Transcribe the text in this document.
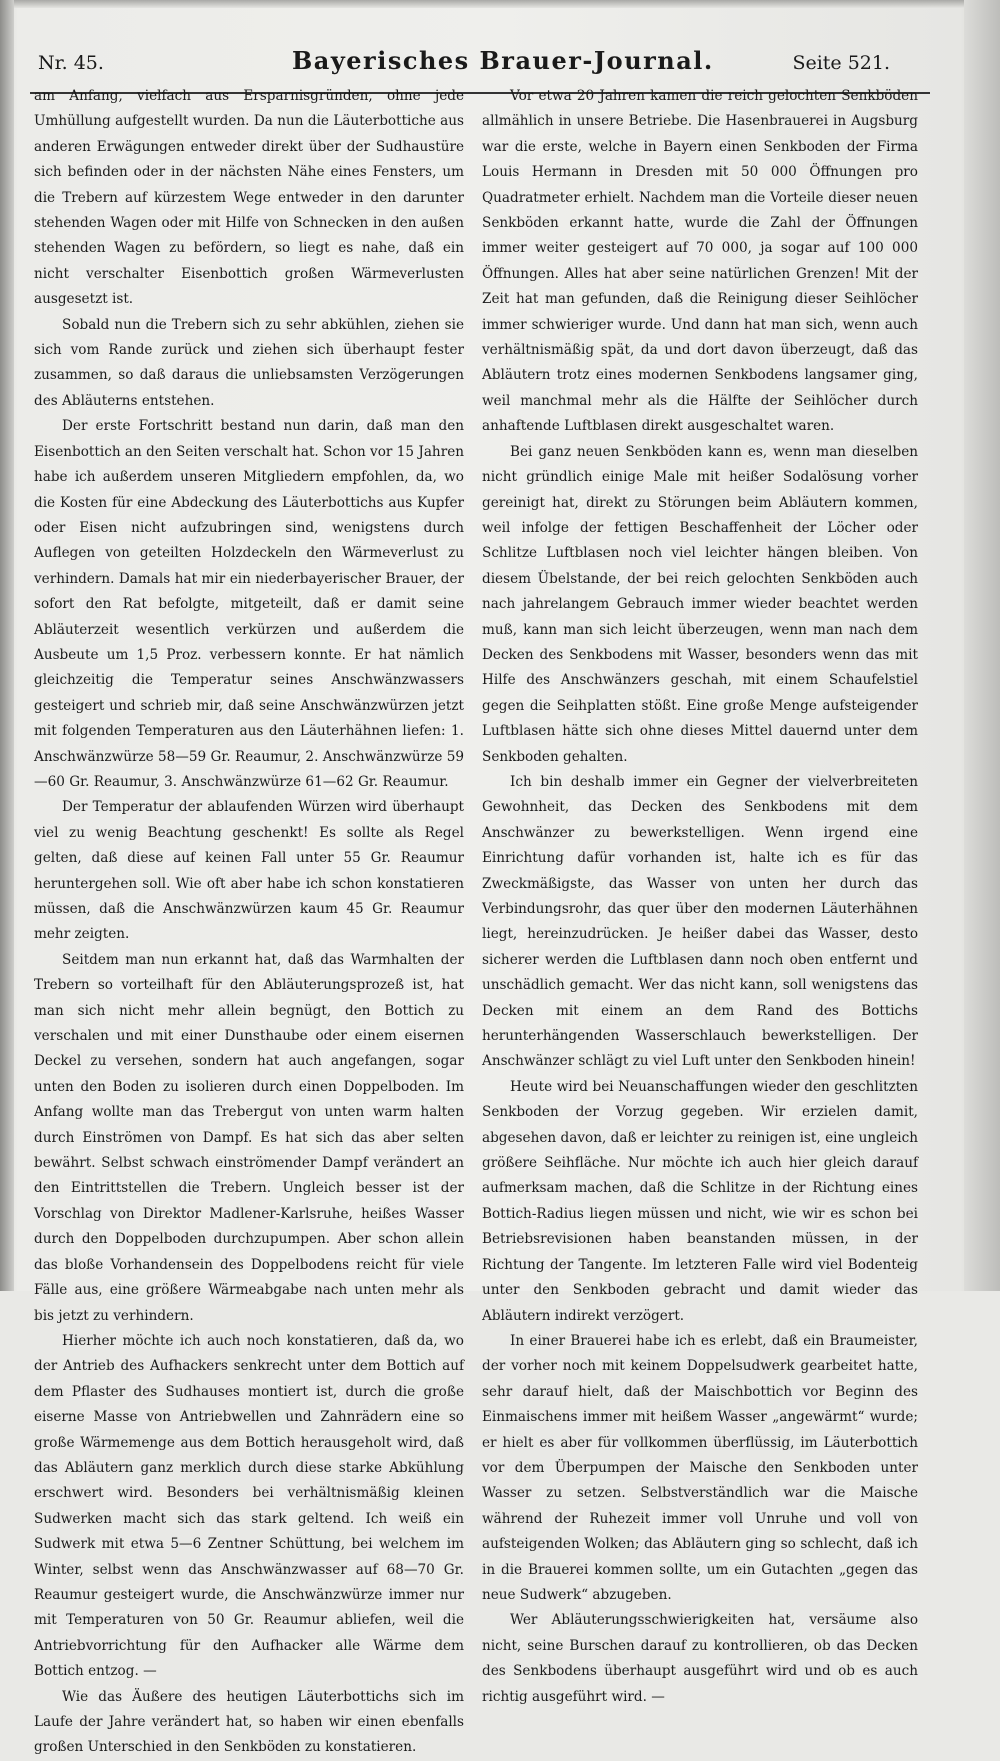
Nr. 45.	Bayerisches Brauer-Journal.	Seite 521.

am Anfang, vielfach aus Ersparnisgründen, ohne jede Umhüllung aufgestellt wurden. Da nun die Läuterbottiche aus anderen Erwägungen entweder direkt über der Sudhaustüre sich befinden oder in der nächsten Nähe eines Fensters, um die Trebern auf kürzestem Wege entweder in den darunter stehenden Wagen oder mit Hilfe von Schnecken in den außen stehenden Wagen zu befördern, so liegt es nahe, daß ein nicht verschalter Eisenbottich großen Wärmeverlusten ausgesetzt ist.

Sobald nun die Trebern sich zu sehr abkühlen, ziehen sie sich vom Rande zurück und ziehen sich überhaupt fester zusammen, so daß daraus die unliebsamsten Verzögerungen des Abläuterns entstehen.

Der erste Fortschritt bestand nun darin, daß man den Eisenbottich an den Seiten verschalt hat. Schon vor 15 Jahren habe ich außerdem unseren Mitgliedern empfohlen, da, wo die Kosten für eine Abdeckung des Läuterbottichs aus Kupfer oder Eisen nicht aufzubringen sind, wenigstens durch Auflegen von geteilten Holzdeckeln den Wärmeverlust zu verhindern. Damals hat mir ein niederbayerischer Brauer, der sofort den Rat befolgte, mitgeteilt, daß er damit seine Abläuterzeit wesentlich verkürzen und außerdem die Ausbeute um 1,5 Proz. verbessern konnte. Er hat nämlich gleichzeitig die Temperatur seines Anschwänzwassers gesteigert und schrieb mir, daß seine Anschwänzwürzen jetzt mit folgenden Temperaturen aus den Läuterhähnen liefen: 1. Anschwänzwürze 58—59 Gr. Reaumur, 2. Anschwänzwürze 59—60 Gr. Reaumur, 3. Anschwänzwürze 61—62 Gr. Reaumur.

Der Temperatur der ablaufenden Würzen wird überhaupt viel zu wenig Beachtung geschenkt! Es sollte als Regel gelten, daß diese auf keinen Fall unter 55 Gr. Reaumur heruntergehen soll. Wie oft aber habe ich schon konstatieren müssen, daß die Anschwänzwürzen kaum 45 Gr. Reaumur mehr zeigten.

Seitdem man nun erkannt hat, daß das Warmhalten der Trebern so vorteilhaft für den Abläuterungsprozeß ist, hat man sich nicht mehr allein begnügt, den Bottich zu verschalen und mit einer Dunsthaube oder einem eisernen Deckel zu versehen, sondern hat auch angefangen, sogar unten den Boden zu isolieren durch einen Doppelboden. Im Anfang wollte man das Trebergut von unten warm halten durch Einströmen von Dampf. Es hat sich das aber selten bewährt. Selbst schwach einströmender Dampf verändert an den Eintrittstellen die Trebern. Ungleich besser ist der Vorschlag von Direktor Madlener-Karlsruhe, heißes Wasser durch den Doppelboden durchzupumpen. Aber schon allein das bloße Vorhandensein des Doppelbodens reicht für viele Fälle aus, eine größere Wärmeabgabe nach unten mehr als bis jetzt zu verhindern.

Hierher möchte ich auch noch konstatieren, daß da, wo der Antrieb des Aufhackers senkrecht unter dem Bottich auf dem Pflaster des Sudhauses montiert ist, durch die große eiserne Masse von Antriebwellen und Zahnrädern eine so große Wärmemenge aus dem Bottich herausgeholt wird, daß das Abläutern ganz merklich durch diese starke Abkühlung erschwert wird. Besonders bei verhältnismäßig kleinen Sudwerken macht sich das stark geltend. Ich weiß ein Sudwerk mit etwa 5—6 Zentner Schüttung, bei welchem im Winter, selbst wenn das Anschwänzwasser auf 68—70 Gr. Reaumur gesteigert wurde, die Anschwänzwürze immer nur mit Temperaturen von 50 Gr. Reaumur abliefen, weil die Antriebvorrichtung für den Aufhacker alle Wärme dem Bottich entzog. —

Wie das Äußere des heutigen Läuterbottichs sich im Laufe der Jahre verändert hat, so haben wir einen ebenfalls großen Unterschied in den Senkböden zu konstatieren.

Vor etwa 20 Jahren kamen die reich gelochten Senkböden allmählich in unsere Betriebe. Die Hasenbrauerei in Augsburg war die erste, welche in Bayern einen Senkboden der Firma Louis Hermann in Dresden mit 50 000 Öffnungen pro Quadratmeter erhielt. Nachdem man die Vorteile dieser neuen Senkböden erkannt hatte, wurde die Zahl der Öffnungen immer weiter gesteigert auf 70 000, ja sogar auf 100 000 Öffnungen. Alles hat aber seine natürlichen Grenzen! Mit der Zeit hat man gefunden, daß die Reinigung dieser Seihlöcher immer schwieriger wurde. Und dann hat man sich, wenn auch verhältnismäßig spät, da und dort davon überzeugt, daß das Abläutern trotz eines modernen Senkbodens langsamer ging, weil manchmal mehr als die Hälfte der Seihlöcher durch anhaftende Luftblasen direkt ausgeschaltet waren.

Bei ganz neuen Senkböden kann es, wenn man dieselben nicht gründlich einige Male mit heißer Sodalösung vorher gereinigt hat, direkt zu Störungen beim Abläutern kommen, weil infolge der fettigen Beschaffenheit der Löcher oder Schlitze Luftblasen noch viel leichter hängen bleiben. Von diesem Übelstande, der bei reich gelochten Senkböden auch nach jahrelangem Gebrauch immer wieder beachtet werden muß, kann man sich leicht überzeugen, wenn man nach dem Decken des Senkbodens mit Wasser, besonders wenn das mit Hilfe des Anschwänzers geschah, mit einem Schaufelstiel gegen die Seihplatten stößt. Eine große Menge aufsteigender Luftblasen hätte sich ohne dieses Mittel dauernd unter dem Senkboden gehalten.

Ich bin deshalb immer ein Gegner der vielverbreiteten Gewohnheit, das Decken des Senkbodens mit dem Anschwänzer zu bewerkstelligen. Wenn irgend eine Einrichtung dafür vorhanden ist, halte ich es für das Zweckmäßigste, das Wasser von unten her durch das Verbindungsrohr, das quer über den modernen Läuterhähnen liegt, hereinzudrücken. Je heißer dabei das Wasser, desto sicherer werden die Luftblasen dann noch oben entfernt und unschädlich gemacht. Wer das nicht kann, soll wenigstens das Decken mit einem an dem Rand des Bottichs herunterhängenden Wasserschlauch bewerkstelligen. Der Anschwänzer schlägt zu viel Luft unter den Senkboden hinein!

Heute wird bei Neuanschaffungen wieder den geschlitzten Senkboden der Vorzug gegeben. Wir erzielen damit, abgesehen davon, daß er leichter zu reinigen ist, eine ungleich größere Seihfläche. Nur möchte ich auch hier gleich darauf aufmerksam machen, daß die Schlitze in der Richtung eines Bottich-Radius liegen müssen und nicht, wie wir es schon bei Betriebsrevisionen haben beanstanden müssen, in der Richtung der Tangente. Im letzteren Falle wird viel Bodenteig unter den Senkboden gebracht und damit wieder das Abläutern indirekt verzögert.

In einer Brauerei habe ich es erlebt, daß ein Braumeister, der vorher noch mit keinem Doppelsudwerk gearbeitet hatte, sehr darauf hielt, daß der Maischbottich vor Beginn des Einmaischens immer mit heißem Wasser „angewärmt“ wurde; er hielt es aber für vollkommen überflüssig, im Läuterbottich vor dem Überpumpen der Maische den Senkboden unter Wasser zu setzen. Selbstverständlich war die Maische während der Ruhezeit immer voll Unruhe und voll von aufsteigenden Wolken; das Abläutern ging so schlecht, daß ich in die Brauerei kommen sollte, um ein Gutachten „gegen das neue Sudwerk“ abzugeben.

Wer Abläuterungsschwierigkeiten hat, versäume also nicht, seine Burschen darauf zu kontrollieren, ob das Decken des Senkbodens überhaupt ausgeführt wird und ob es auch richtig ausgeführt wird. —
